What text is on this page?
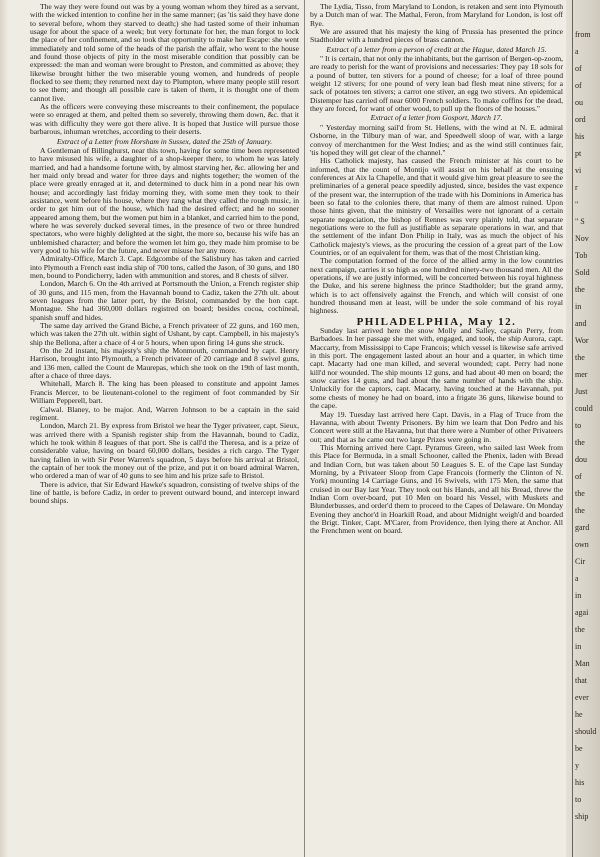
The way they were found out was by a young woman whom they hired as a servant, with the wicked intention to confine her in the same manner; (as 'tis said they have done to several before, whom they starved to death;) she had tasted some of their inhuman usage for about the space of a week; but very fortunate for her, the man forgot to lock the place of her confinement, and so took that opportunity to make her Escape: she went immediately and told some of the heads of the parish the affair, who went to the house and found those objects of pity in the most miserable condition that possibly can be expressed: the man and woman were brought to Preston, and committed as above; they likewise brought hither the two miserable young women, and hundreds of people flocked to see them; they returned next day to Plumpton, where many people still resort to see them; and though all possible care is taken of them, it is thought one of them cannot live.

As the officers were conveying these miscreants to their confinement, the populace were so enraged at them, and pelted them so severely, throwing them down, &c. that it was with difficulty they were got there alive. It is hoped that Justice will pursue those barbarous, inhuman wretches, according to their deserts.

Extract of a Letter from Horsham in Sussex, dated the 25th of January.

A Gentleman of Billinghurst, near this town, having for some time been represented to have misused his wife, a daughter of a shop-keeper there, to whom he was lately married, and had a handsome fortune with, by almost starving her, &c. allowing her and her maid only bread and water for three days and nights together; the women of the place were greatly enraged at it, and determined to duck him in a pond near his own house; and accordingly last friday morning they, with some men they took to their assistance, went before his house, where they rang what they called the rough music, in order to get him out of the house, which had the desired effect; and he no sooner appeared among them, but the women put him in a blanket, and carried him to the pond, where he was severely ducked several times, in the presence of two or three hundred spectators, who were highly delighted at the sight, the more so, because his wife has an unblemished character; and before the women let him go, they made him promise to be very good to his wife for the future, and never misuse her any more.

Admiralty-Office, March 3. Capt. Edgcombe of the Salisbury has taken and carried into Plymouth a French east india ship of 700 tons, called the Jason, of 30 guns, and 180 men, bound to Pondicherry, laden with ammunition and stores, and 8 chests of silver.

London, March 6. On the 4th arrived at Portsmouth the Union, a French register ship of 30 guns, and 115 men, from the Havannah bound to Cadiz, taken the 27th ult. about seven leagues from the latter port, by the Bristol, commanded by the hon capt. Montague. She had 360,000 dollars registred on board; besides cocoa, cochineal, spanish snuff and hides.

The same day arrived the Grand Biche, a French privateer of 22 guns, and 160 men, which was taken the 27th ult. within sight of Ushant, by capt. Campbell, in his majesty's ship the Bellona, after a chace of 4 or 5 hours, when upon firing 14 guns she struck.

On the 2d instant, his majesty's ship the Monmouth, commanded by capt. Henry Harrison, brought into Plymouth, a French privateer of 20 carriage and 8 swivel guns, and 136 men, called the Count de Maurepas, which she took on the 19th of last month, after a chace of three days.

Whitehall, March 8. The king has been pleased to constitute and appoint James Francis Mercer, to be lieutenant-colonel to the regiment of foot commanded by Sir William Pepperell, bart.

Calwal. Blaney, to be major. And, Warren Johnson to be a captain in the said regiment.

London, March 21. By express from Bristol we hear the Tyger privateer, capt. Sieux, was arrived there with a Spanish register ship from the Havannah, bound to Cadiz, which he took within 8 leagues of that port. She is call'd the Theresa, and is a prize of considerable value, having on board 60,000 dollars, besides a rich cargo. The Tyger having fallen in with Sir Peter Warren's squadron, 5 days before his arrival at Bristol, the captain of her took the money out of the prize, and put it on board admiral Warren, who ordered a man of war of 40 guns to see him and his prize safe to Bristol.

There is advice, that Sir Edward Hawke's squadron, consisting of twelve ships of the line of battle, is before Cadiz, in order to prevent outward bound, and intercept inward bound ships.

The Lydia, Tisso, from Maryland to London, is retaken and sent into Plymouth by a Dutch man of war. The Mathal, Feron, from Maryland for London, is lost off Rye.

We are assured that his majesty the king of Prussia has presented the prince Stadtholder with a hundred pieces of brass cannon.

Extract of a letter from a person of credit at the Hague, dated March 15.

" It is certain, that not only the inhabitants, but the garrison of Bergen-op-zoom, are ready to perish for the want of provisions and necessaries: They pay 18 sols for a pound of butter, ten stivers for a pound of cheese; for a loaf of three pound weight 12 stivers; for one pound of very lean bad flesh meat nine stivers; for a sack of potatoes ten stivers; a carrot one stiver, an egg two stivers. An epidemical Distemper has carried off near 6000 French soldiers. To make coffins for the dead, they are forced, for want of other wood, to pull up the floors of the houses."

Extract of a letter from Gosport, March 17.

" Yesterday morning sail'd from St. Hellens, with the wind at N. E. admiral Osborne, in the Tilbury man of war, and Speedwell sloop of war, with a large convoy of merchantmen for the West Indies; and as the wind still continues fair, 'tis hoped they will get clear of the channel."

His Catholick majesty, has caused the French minister at his court to be informed, that the count of Montijo will assist on his behalf at the ensuing conferences at Aix la Chapelle, and that it would give him great pleasure to see the preliminaries of a general peace speedily adjusted, since, besides the vast expence of the present war, the interruption of the trade with his Dominions in America has been so fatal to the colonies there, that many of them are almost ruined. Upon those hints given, that the ministry of Versailles were not ignorant of a certain separate negociation, the bishop of Rennes was very plainly told, that separate negotiations were to the full as justifiable as separate operations in war, and that the settlement of the infant Don Philip in Italy, was as much the object of his Catholick majesty's views, as the procuring the cession of a great part of the Low Countries, or of an equivalent for them, was that of the most Christian king.

The computation formed of the force of the allied army in the low countries next campaign, carries it so high as one hundred ninety-two thousand men. All the operations, if we are justly informed, will be concerted between his royal highness the Duke, and his serene highness the prince Stadtholder; but the grand army, which is to act offensively against the French, and which will consist of one hundred thousand men at least, will be under the sole command of his royal highness.

PHILADELPHIA, May 12.

Sunday last arrived here the snow Molly and Salley, captain Perry, from Barbadoes. In her passage she met with, engaged, and took, the ship Aurora, capt. Maccarty, from Mississippi to Cape Francois; which vessel is likewise safe arrived in this port. The engagement lasted about an hour and a quarter, in which time capt. Macarty had one man killed, and several wounded; capt. Perry had none kill'd nor wounded. The ship mounts 12 guns, and had about 40 men on board; the snow carries 14 guns, and had about the same number of hands with the ship. Unluckily for the captors, capt. Macarty, having touched at the Havannah, put some chests of money he had on board, into a frigate 36 guns, likewise bound to the cape.

May 19. Tuesday last arrived here Capt. Davis, in a Flag of Truce from the Havanna, with about Twenty Prisoners. By him we learn that Don Pedro and his Concert were still at the Havanna, but that there were a Number of other Privateers out; and that as he came out two large Prizes were going in.

This Morning arrived here Capt. Pyramus Green, who sailed last Week from this Place for Bermuda, in a small Schooner, called the Phenix, laden with Bread and Indian Corn, but was taken about 50 Leagues S. E. of the Cape last Sunday Morning, by a Privateer Sloop from Cape Francois (formerly the Clinton of N. York) mounting 14 Carriage Guns, and 16 Swivels, with 175 Men, the same that cruised in our Bay last Year. They took out his Hands, and all his Bread, threw the Indian Corn over-board, put 10 Men on board his Vessel, with Muskets and Blunderbusses, and order'd them to proceed to the Capes of Delaware. On Monday Evening they anchor'd in Hoarkill Road, and about Midnight weigh'd and boarded the Brigt. Tinker, Capt. M'Carer, from Providence, then lying there at Anchor. All the Frenchmen went on board.

from
a
of
of
ou
ord
his
pt
vi
r
"
" S
Nov
Tob
Sold
the
in
and
Wor
the
mer
Just
could
to
the
dou
of
the
the
gard
own
Cir
a
in
agai
the
in
Man
that
ever
he
should
be
y
his
to
ship
